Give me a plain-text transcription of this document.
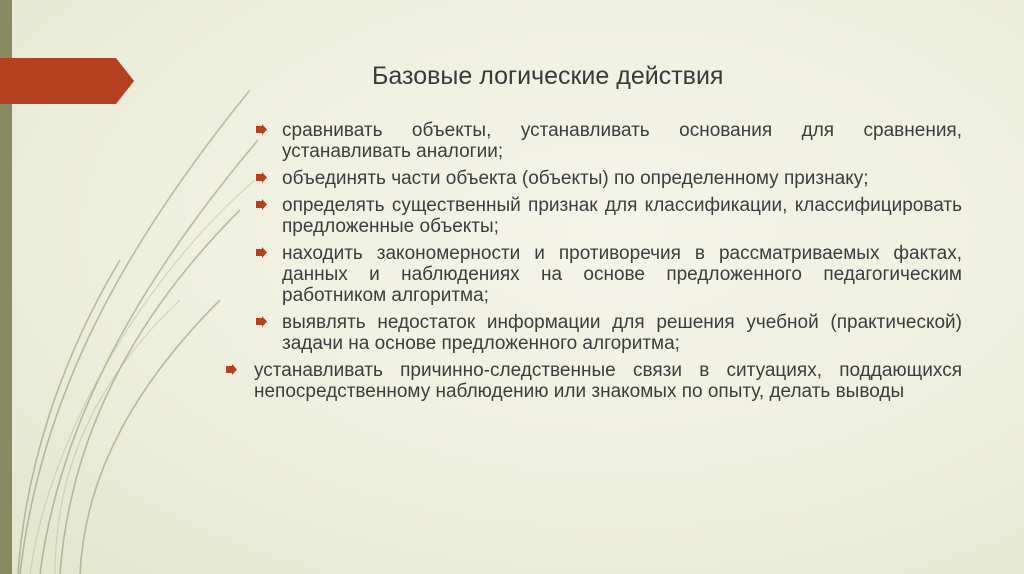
Базовые логические действия
сравнивать объекты, устанавливать основания для сравнения, устанавливать аналогии;
объединять части объекта (объекты) по определенному признаку;
определять существенный признак для классификации, классифицировать предложенные объекты;
находить закономерности и противоречия в рассматриваемых фактах, данных и наблюдениях на основе предложенного педагогическим работником алгоритма;
выявлять недостаток информации для решения учебной (практической) задачи на основе предложенного алгоритма;
устанавливать причинно-следственные связи в ситуациях, поддающихся непосредственному наблюдению или знакомых по опыту, делать выводы
